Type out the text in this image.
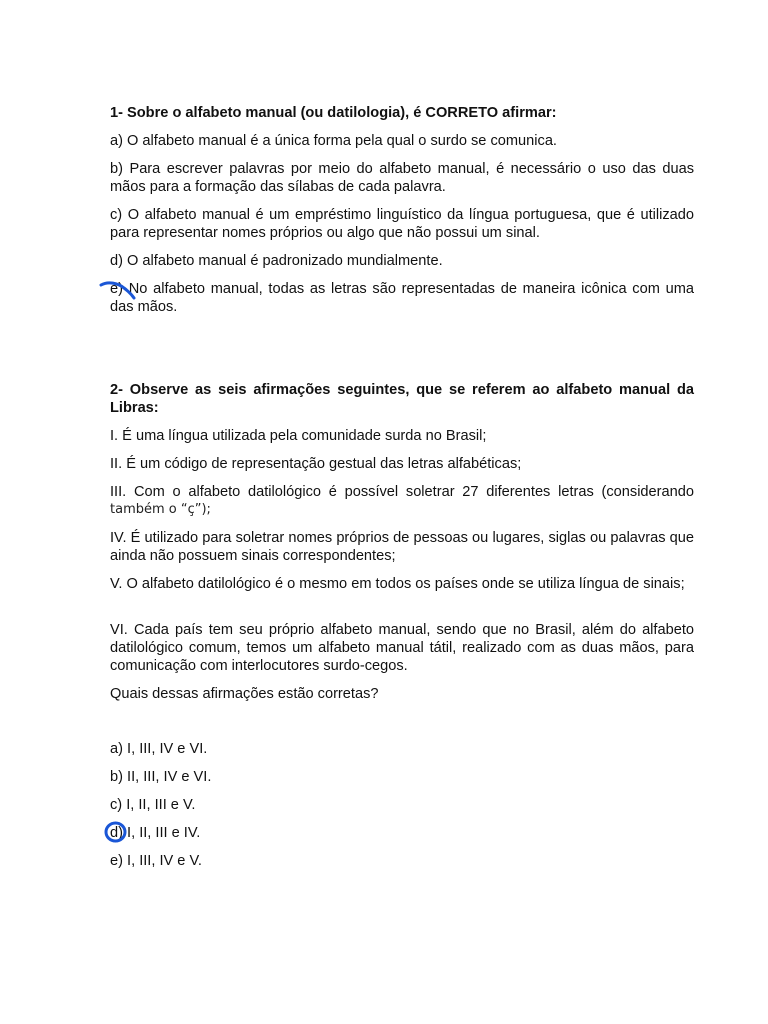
1- Sobre o alfabeto manual (ou datilologia), é CORRETO afirmar:

a) O alfabeto manual é a única forma pela qual o surdo se comunica.

b) Para escrever palavras por meio do alfabeto manual, é necessário o uso das duas mãos para a formação das sílabas de cada palavra.

c) O alfabeto manual é um empréstimo linguístico da língua portuguesa, que é utilizado para representar nomes próprios ou algo que não possui um sinal.

d) O alfabeto manual é padronizado mundialmente.

e) No alfabeto manual, todas as letras são representadas de maneira icônica com uma das mãos.

2- Observe as seis afirmações seguintes, que se referem ao alfabeto manual da Libras:

I. É uma língua utilizada pela comunidade surda no Brasil;

II. É um código de representação gestual das letras alfabéticas;

III. Com o alfabeto datilológico é possível soletrar 27 diferentes letras (considerando

também o “ç”);

IV. É utilizado para soletrar nomes próprios de pessoas ou lugares, siglas ou palavras que ainda não possuem sinais correspondentes;

V. O alfabeto datilológico é o mesmo em todos os países onde se utiliza língua de sinais;

VI. Cada país tem seu próprio alfabeto manual, sendo que no Brasil, além do alfabeto datilológico comum, temos um alfabeto manual tátil, realizado com as duas mãos, para comunicação com interlocutores surdo-cegos.

Quais dessas afirmações estão corretas?

a) I, III, IV e VI.

b) II, III, IV e VI.

c) I, II, III e V.

d) I, II, III e IV.

e) I, III, IV e V.
